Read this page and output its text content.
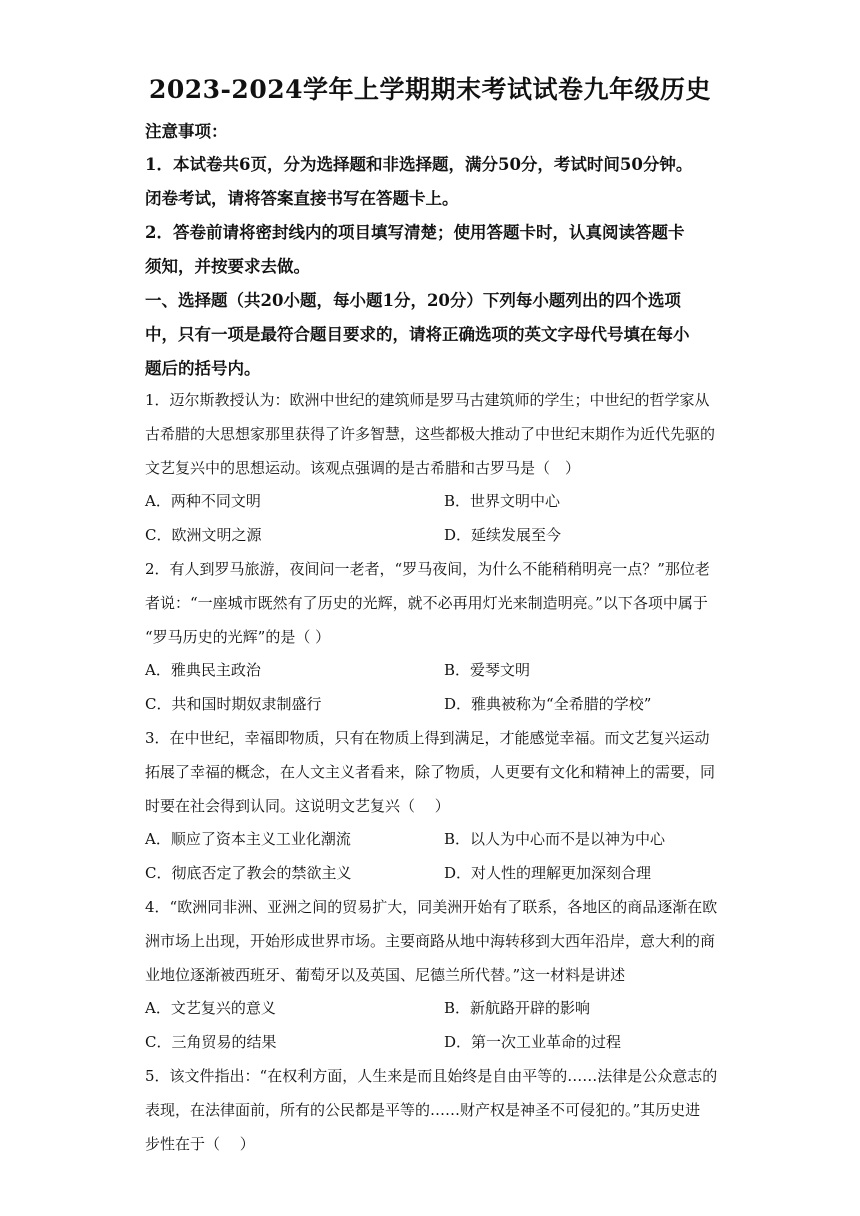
2023-2024学年上学期期末考试试卷九年级历史
注意事项：
1．本试卷共6页，分为选择题和非选择题，满分50分，考试时间50分钟。
闭卷考试，请将答案直接书写在答题卡上。
2．答卷前请将密封线内的项目填写清楚；使用答题卡时，认真阅读答题卡
须知，并按要求去做。
一、选择题（共20小题，每小题1分，20分）下列每小题列出的四个选项
中，只有一项是最符合题目要求的，请将正确选项的英文字母代号填在每小
题后的括号内。
1．迈尔斯教授认为：欧洲中世纪的建筑师是罗马古建筑师的学生；中世纪的哲学家从
古希腊的大思想家那里获得了许多智慧，这些都极大推动了中世纪末期作为近代先驱的
文艺复兴中的思想运动。该观点强调的是古希腊和古罗马是（　）
A．两种不同文明	B．世界文明中心
C．欧洲文明之源	D．延续发展至今
2．有人到罗马旅游，夜间问一老者，“罗马夜间，为什么不能稍稍明亮一点？”那位老
者说：“一座城市既然有了历史的光辉，就不必再用灯光来制造明亮。”以下各项中属于
“罗马历史的光辉”的是（ ）
A．雅典民主政治	B．爱琴文明
C．共和国时期奴隶制盛行	D．雅典被称为“全希腊的学校”
3．在中世纪，幸福即物质，只有在物质上得到满足，才能感觉幸福。而文艺复兴运动
拓展了幸福的概念，在人文主义者看来，除了物质，人更要有文化和精神上的需要，同
时要在社会得到认同。这说明文艺复兴（　 ）
A．顺应了资本主义工业化潮流	B．以人为中心而不是以神为中心
C．彻底否定了教会的禁欲主义	D．对人性的理解更加深刻合理
4．“欧洲同非洲、亚洲之间的贸易扩大，同美洲开始有了联系，各地区的商品逐渐在欧
洲市场上出现，开始形成世界市场。主要商路从地中海转移到大西年沿岸，意大利的商
业地位逐渐被西班牙、葡萄牙以及英国、尼德兰所代替。”这一材料是讲述
A．文艺复兴的意义	B．新航路开辟的影响
C．三角贸易的结果	D．第一次工业革命的过程
5．该文件指出：“在权利方面，人生来是而且始终是自由平等的……法律是公众意志的
表现，在法律面前，所有的公民都是平等的……财产权是神圣不可侵犯的。”其历史进
步性在于（　 ）
